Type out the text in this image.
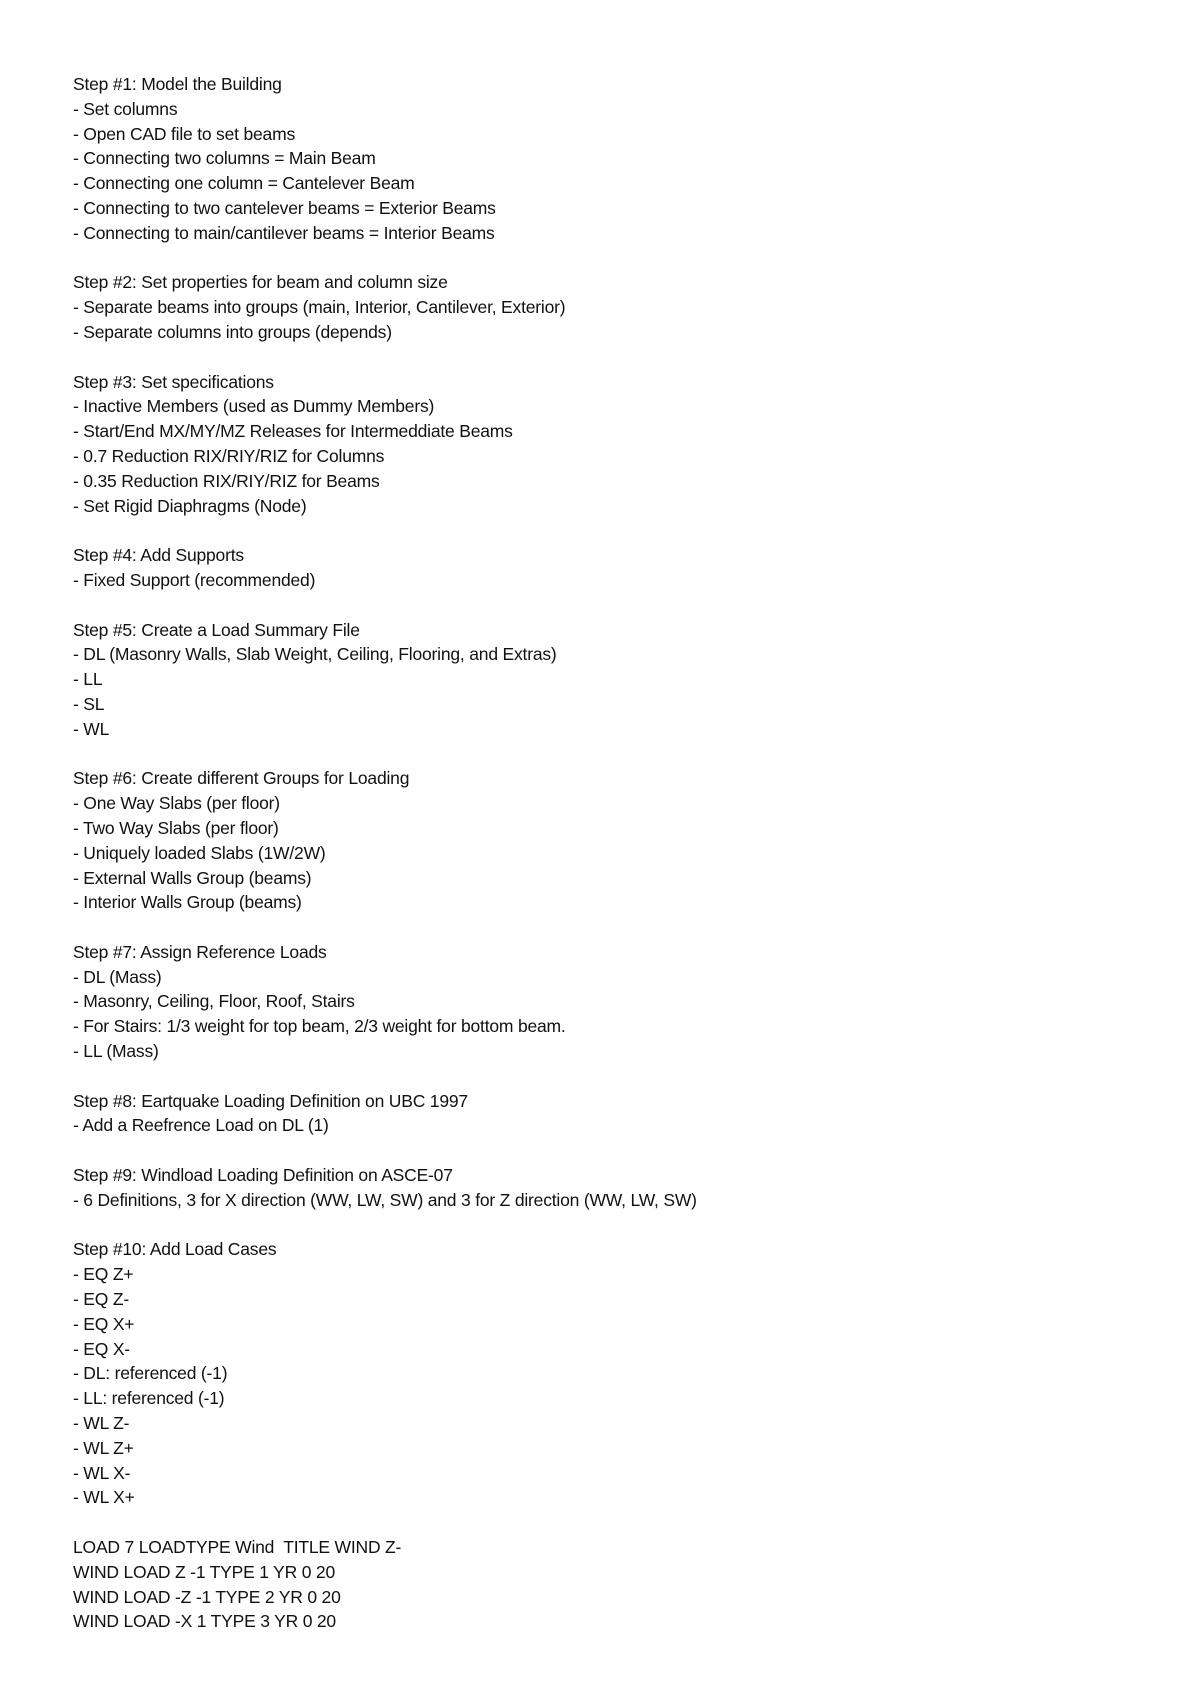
Step #1: Model the Building
- Set columns
- Open CAD file to set beams
- Connecting two columns = Main Beam
- Connecting one column = Cantelever Beam
- Connecting to two cantelever beams = Exterior Beams
- Connecting to main/cantilever beams = Interior Beams
Step #2: Set properties for beam and column size
- Separate beams into groups (main, Interior, Cantilever, Exterior)
- Separate columns into groups (depends)
Step #3: Set specifications
- Inactive Members (used as Dummy Members)
- Start/End MX/MY/MZ Releases for Intermeddiate Beams
- 0.7 Reduction RIX/RIY/RIZ for Columns
- 0.35 Reduction RIX/RIY/RIZ for Beams
- Set Rigid Diaphragms (Node)
Step #4: Add Supports
- Fixed Support (recommended)
Step #5: Create a Load Summary File
- DL (Masonry Walls, Slab Weight, Ceiling, Flooring, and Extras)
- LL
- SL
- WL
Step #6: Create different Groups for Loading
- One Way Slabs (per floor)
- Two Way Slabs (per floor)
- Uniquely loaded Slabs (1W/2W)
- External Walls Group (beams)
- Interior Walls Group (beams)
Step #7: Assign Reference Loads
- DL (Mass)
- Masonry, Ceiling, Floor, Roof, Stairs
- For Stairs: 1/3 weight for top beam, 2/3 weight for bottom beam.
- LL (Mass)
Step #8: Eartquake Loading Definition on UBC 1997
- Add a Reefrence Load on DL (1)
Step #9: Windload Loading Definition on ASCE-07
- 6 Definitions, 3 for X direction (WW, LW, SW) and 3 for Z direction (WW, LW, SW)
Step #10: Add Load Cases
- EQ Z+
- EQ Z-
- EQ X+
- EQ X-
- DL: referenced (-1)
- LL: referenced (-1)
- WL Z-
- WL Z+
- WL X-
- WL X+
LOAD 7 LOADTYPE Wind  TITLE WIND Z-
WIND LOAD Z -1 TYPE 1 YR 0 20
WIND LOAD -Z -1 TYPE 2 YR 0 20
WIND LOAD -X 1 TYPE 3 YR 0 20
